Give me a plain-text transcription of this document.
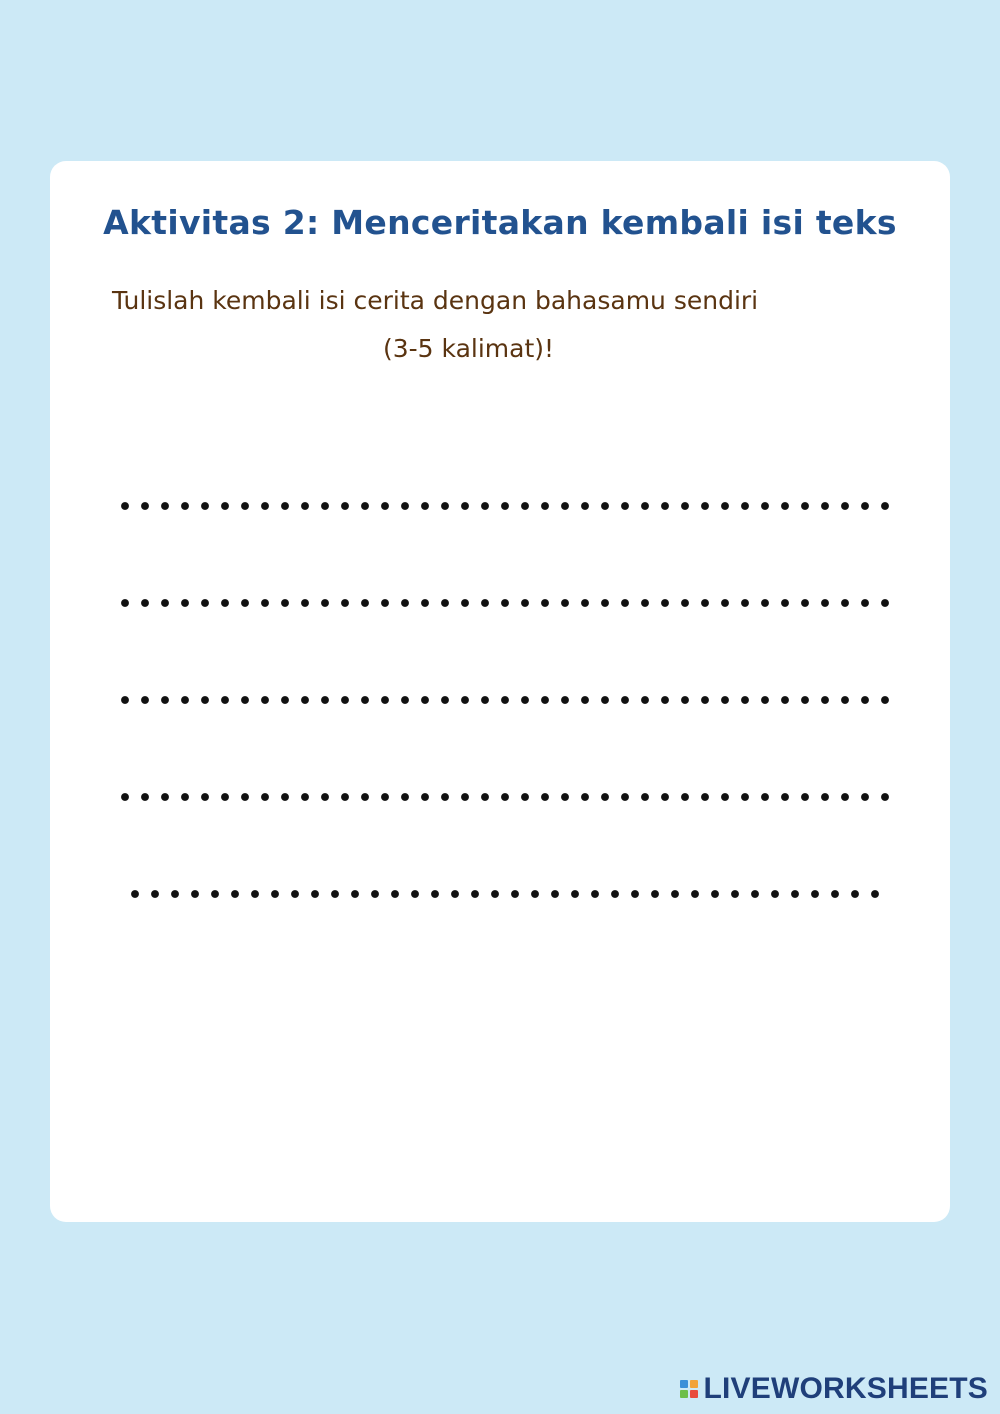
Aktivitas 2: Menceritakan kembali isi teks
Tulislah kembali isi cerita dengan bahasamu sendiri
(3-5 kalimat)!
LIVEWORKSHEETS
